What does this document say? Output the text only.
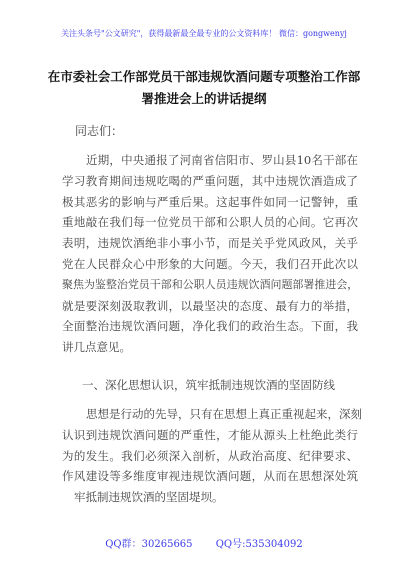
关注头条号"公文研究"，获得最新最全最专业的公文资料库！ 微信：gongwenyj
在市委社会工作部党员干部违规饮酒问题专项整治工作部
署推进会上的讲话提纲
同志们：
近期，中央通报了河南省信阳市、罗山县10名干部在
学习教育期间违规吃喝的严重问题，其中违规饮酒造成了
极其恶劣的影响与严重后果。这起事件如同一记警钟，重
重地敲在我们每一位党员干部和公职人员的心间。它再次
表明，违规饮酒绝非小事小节，而是关乎党风政风，关乎
党在人民群众心中形象的大问题。今天，我们召开此次以
聚焦为鉴整治党员干部和公职人员违规饮酒问题部署推进会，
就是要深刻汲取教训，以最坚决的态度、最有力的举措，
全面整治违规饮酒问题，净化我们的政治生态。下面，我
讲几点意见。
一、深化思想认识，筑牢抵制违规饮酒的坚固防线
思想是行动的先导，只有在思想上真正重视起来，深刻
认识到违规饮酒问题的严重性，才能从源头上杜绝此类行
为的发生。我们必须深入剖析，从政治高度、纪律要求、
作风建设等多维度审视违规饮酒问题，从而在思想深处筑
牢抵制违规饮酒的坚固堤坝。
QQ群：30265665 QQ号:535304092
